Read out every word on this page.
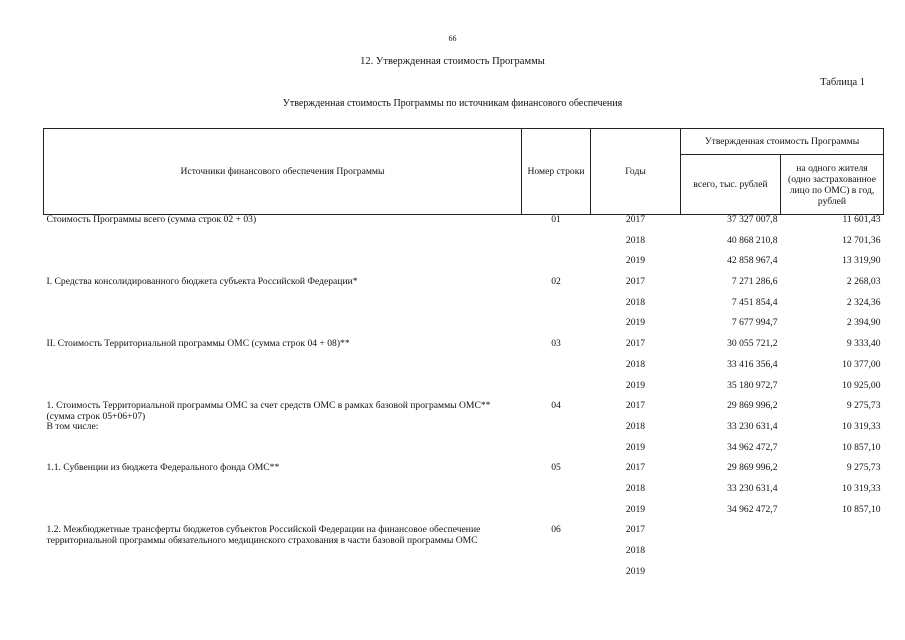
66
12. Утвержденная стоимость Программы
Таблица 1
Утвержденная стоимость Программы по источникам финансового обеспечения
Источники финансового обеспечения Программы	Номер строки	Годы	Утвержденная стоимость Программы	
			всего, тыс. рублей	на одного жителя (одно застрахованное лицо по ОМС) в год, рублей

Стоимость Программы всего (сумма строк 02 + 03)	01	2017	37 327 007,8	11 601,43
		2018	40 868 210,8	12 701,36
		2019	42 858 967,4	13 319,90

I. Средства консолидированного бюджета субъекта Российской Федерации*	02	2017	7 271 286,6	2 268,03
		2018	7 451 854,4	2 324,36
		2019	7 677 994,7	2 394,90

II. Стоимость Территориальной программы ОМС (сумма строк 04 + 08)**	03	2017	30 055 721,2	9 333,40
		2018	33 416 356,4	10 377,00
		2019	35 180 972,7	10 925,00

1. Стоимость Территориальной программы ОМС за счет средств ОМС в рамках базовой программы ОМС** (сумма строк 05+06+07)
В том числе:	04	2017	29 869 996,2	9 275,73
		2018	33 230 631,4	10 319,33
		2019	34 962 472,7	10 857,10

1.1. Субвенции из бюджета Федерального фонда ОМС**	05	2017	29 869 996,2	9 275,73
		2018	33 230 631,4	10 319,33
		2019	34 962 472,7	10 857,10

1.2. Межбюджетные трансферты бюджетов субъектов Российской Федерации на финансовое обеспечение территориальной программы обязательного медицинского страхования в части базовой программы ОМС	06	2017		
		2018		
		2019		
